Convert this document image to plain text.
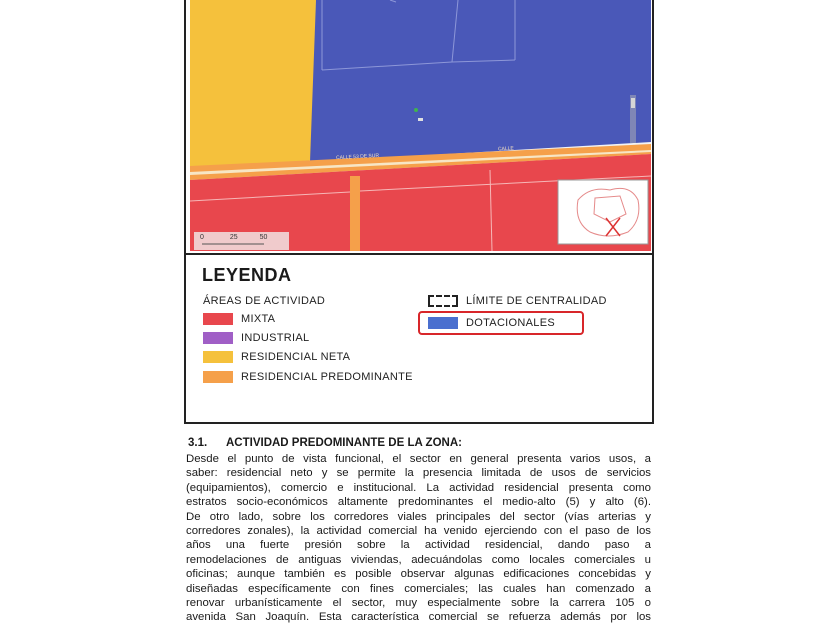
0	25	50
CALLE 53 DE SUR
CALLE
LEYENDA
ÁREAS DE ACTIVIDAD
MIXTA
INDUSTRIAL
RESIDENCIAL NETA
RESIDENCIAL PREDOMINANTE
LÍMITE DE CENTRALIDAD
DOTACIONALES
3.1. ACTIVIDAD PREDOMINANTE DE LA ZONA:
Desde el punto de vista funcional, el sector en general presenta varios usos, a
saber: residencial neto y se permite la presencia limitada de usos de servicios
(equipamientos), comercio e institucional. La actividad residencial presenta como
estratos socio-económicos altamente predominantes el medio-alto (5) y alto (6).
De otro lado, sobre los corredores viales principales del sector (vías arterias y
corredores zonales), la actividad comercial ha venido ejerciendo con el paso de los
años una fuerte presión sobre la actividad residencial, dando paso a
remodelaciones de antiguas viviendas, adecuándolas como locales comerciales u
oficinas; aunque también es posible observar algunas edificaciones concebidas y
diseñadas específicamente con fines comerciales; las cuales han comenzado a
renovar urbanísticamente el sector, muy especialmente sobre la carrera 105 o
avenida San Joaquín. Esta característica comercial se refuerza además por los
